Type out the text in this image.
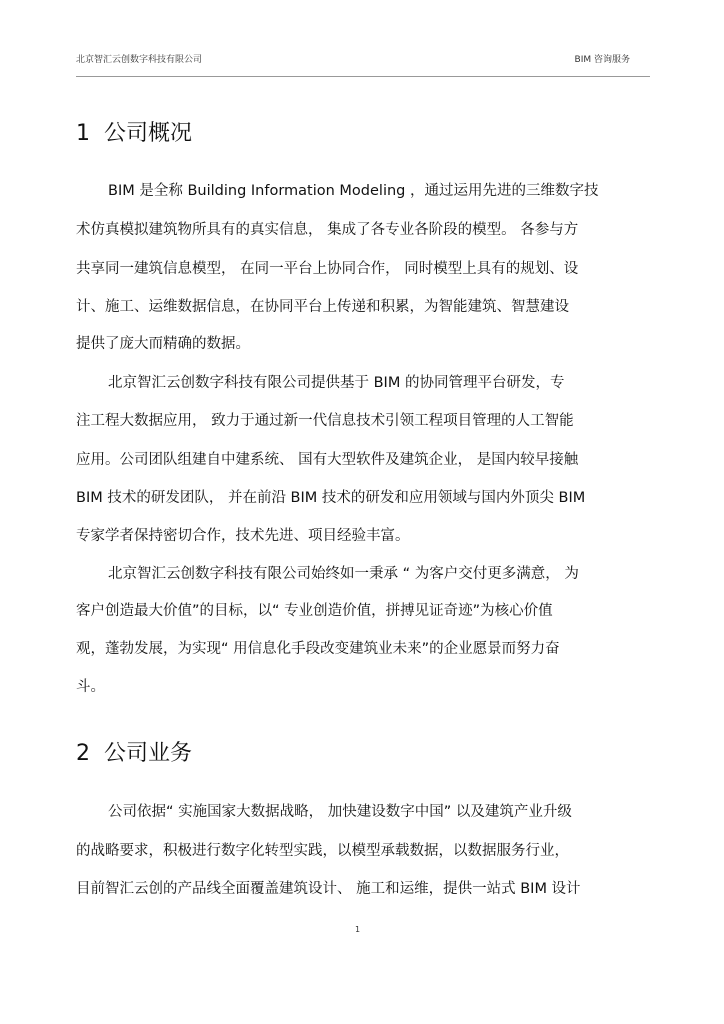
北京智汇云创数字科技有限公司	BIM 咨询服务
1 公司概况
BIM 是全称 Building Information Modeling ，通过运用先进的三维数字技
术仿真模拟建筑物所具有的真实信息， 集成了各专业各阶段的模型。 各参与方
共享同一建筑信息模型， 在同一平台上协同合作， 同时模型上具有的规划、设
计、施工、运维数据信息，在协同平台上传递和积累，为智能建筑、智慧建设
提供了庞大而精确的数据。
北京智汇云创数字科技有限公司提供基于 BIM 的协同管理平台研发，专
注工程大数据应用， 致力于通过新一代信息技术引领工程项目管理的人工智能
应用。公司团队组建自中建系统、 国有大型软件及建筑企业， 是国内较早接触
BIM 技术的研发团队， 并在前沿 BIM 技术的研发和应用领域与国内外顶尖 BIM
专家学者保持密切合作，技术先进、项目经验丰富。
北京智汇云创数字科技有限公司始终如一秉承 “ 为客户交付更多满意， 为
客户创造最大价值”的目标，以“ 专业创造价值，拼搏见证奇迹”为核心价值
观，蓬勃发展，为实现“ 用信息化手段改变建筑业未来”的企业愿景而努力奋
斗。
2 公司业务
公司依据“ 实施国家大数据战略， 加快建设数字中国” 以及建筑产业升级
的战略要求，积极进行数字化转型实践，以模型承载数据，以数据服务行业，
目前智汇云创的产品线全面覆盖建筑设计、 施工和运维，提供一站式 BIM 设计
1
